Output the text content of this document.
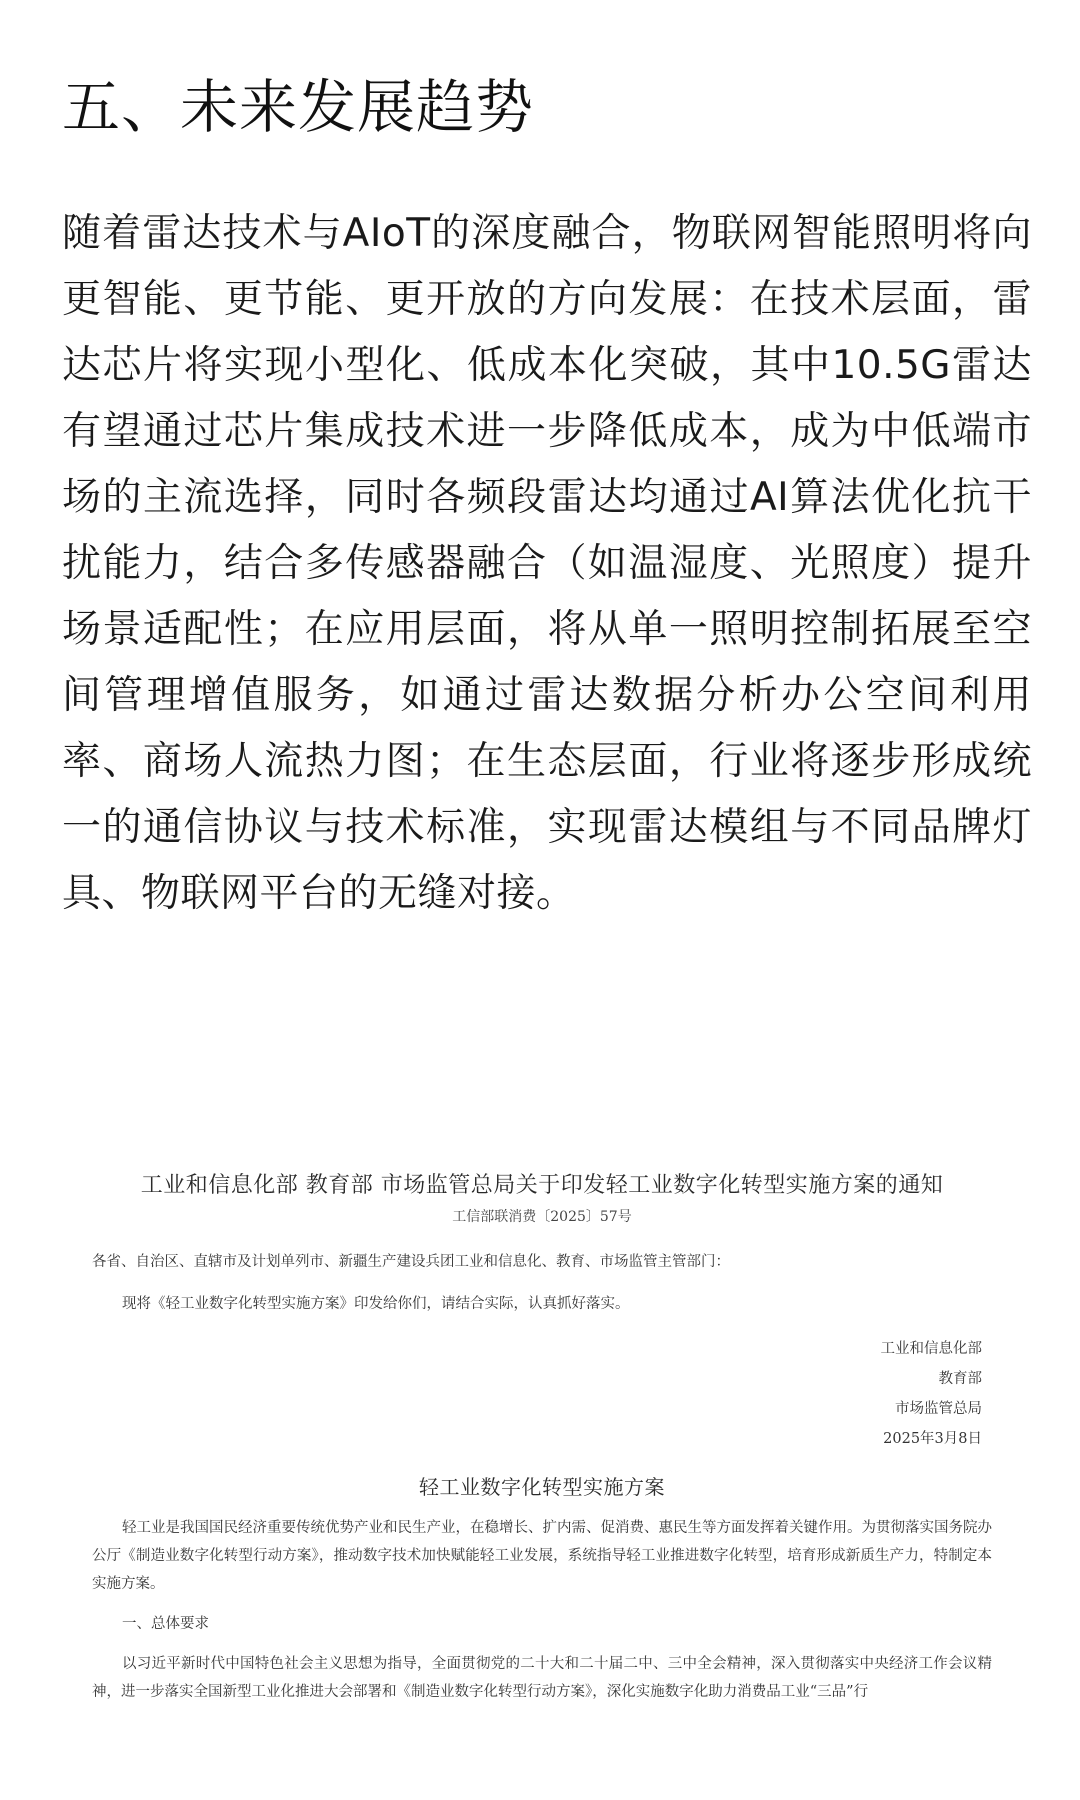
五、未来发展趋势

随着雷达技术与AIoT的深度融合，物联网智能照明将向更智能、更节能、更开放的方向发展：在技术层面，雷达芯片将实现小型化、低成本化突破，其中10.5G雷达有望通过芯片集成技术进一步降低成本，成为中低端市场的主流选择，同时各频段雷达均通过AI算法优化抗干扰能力，结合多传感器融合（如温湿度、光照度）提升场景适配性；在应用层面，将从单一照明控制拓展至空间管理增值服务，如通过雷达数据分析办公空间利用率、商场人流热力图；在生态层面，行业将逐步形成统一的通信协议与技术标准，实现雷达模组与不同品牌灯具、物联网平台的无缝对接。

工业和信息化部 教育部 市场监管总局关于印发轻工业数字化转型实施方案的通知
工信部联消费〔2025〕57号
各省、自治区、直辖市及计划单列市、新疆生产建设兵团工业和信息化、教育、市场监管主管部门：
现将《轻工业数字化转型实施方案》印发给你们，请结合实际，认真抓好落实。
工业和信息化部
教育部
市场监管总局
2025年3月8日
轻工业数字化转型实施方案
轻工业是我国国民经济重要传统优势产业和民生产业，在稳增长、扩内需、促消费、惠民生等方面发挥着关键作用。为贯彻落实国务院办公厅《制造业数字化转型行动方案》，推动数字技术加快赋能轻工业发展，系统指导轻工业推进数字化转型，培育形成新质生产力，特制定本实施方案。
一、总体要求
以习近平新时代中国特色社会主义思想为指导，全面贯彻党的二十大和二十届二中、三中全会精神，深入贯彻落实中央经济工作会议精神，进一步落实全国新型工业化推进大会部署和《制造业数字化转型行动方案》，深化实施数字化助力消费品工业“三品”行
